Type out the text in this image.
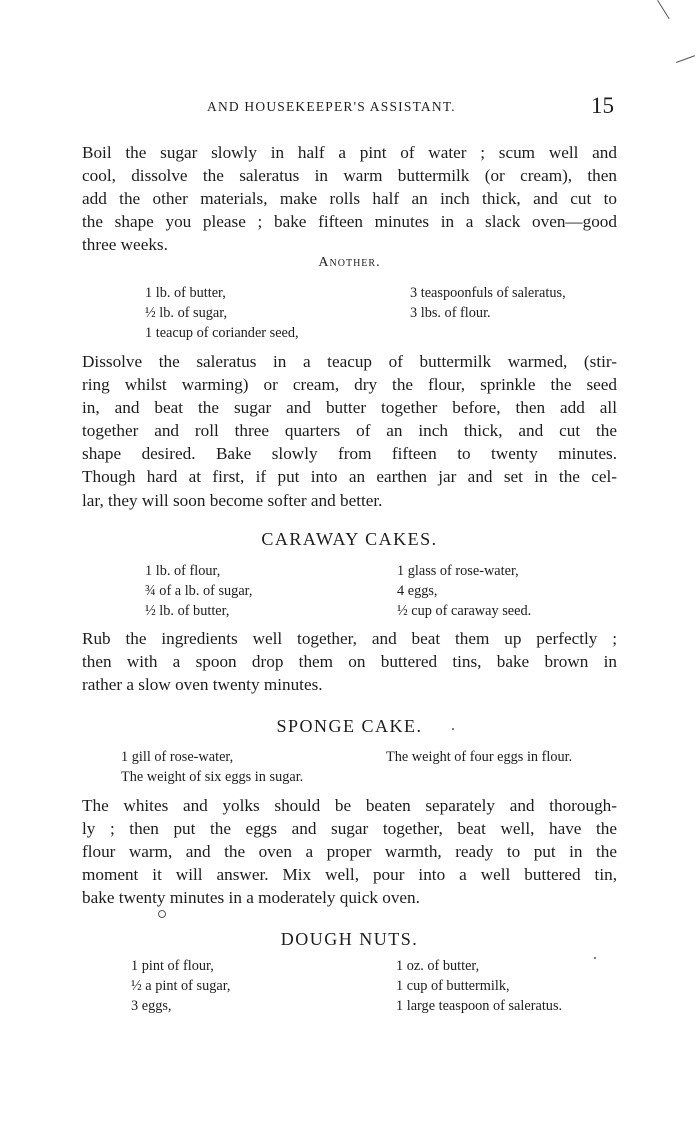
AND HOUSEKEEPER'S ASSISTANT.	15
Boil the sugar slowly in half a pint of water ; scum well and
cool, dissolve the saleratus in warm buttermilk (or cream), then
add the other materials, make rolls half an inch thick, and cut to
the shape you please ; bake fifteen minutes in a slack oven—good
three weeks.
Another.
1 lb. of butter,
½ lb. of sugar,
1 teacup of coriander seed,
3 teaspoonfuls of saleratus,
3 lbs. of flour.
Dissolve the saleratus in a teacup of buttermilk warmed, (stir-
ring whilst warming) or cream, dry the flour, sprinkle the seed
in, and beat the sugar and butter together before, then add all
together and roll three quarters of an inch thick, and cut the
shape desired. Bake slowly from fifteen to twenty minutes.
Though hard at first, if put into an earthen jar and set in the cel-
lar, they will soon become softer and better.
CARAWAY CAKES.
1 lb. of flour,
¾ of a lb. of sugar,
½ lb. of butter,
1 glass of rose-water,
4 eggs,
½ cup of caraway seed.
Rub the ingredients well together, and beat them up perfectly ;
then with a spoon drop them on buttered tins, bake brown in
rather a slow oven twenty minutes.
SPONGE CAKE.
1 gill of rose-water,
The weight of six eggs in sugar.
The weight of four eggs in flour.
The whites and yolks should be beaten separately and thorough-
ly ; then put the eggs and sugar together, beat well, have the
flour warm, and the oven a proper warmth, ready to put in the
moment it will answer. Mix well, pour into a well buttered tin,
bake twenty minutes in a moderately quick oven.
DOUGH NUTS.
1 pint of flour,
½ a pint of sugar,
3 eggs,
1 oz. of butter,
1 cup of buttermilk,
1 large teaspoon of saleratus.
